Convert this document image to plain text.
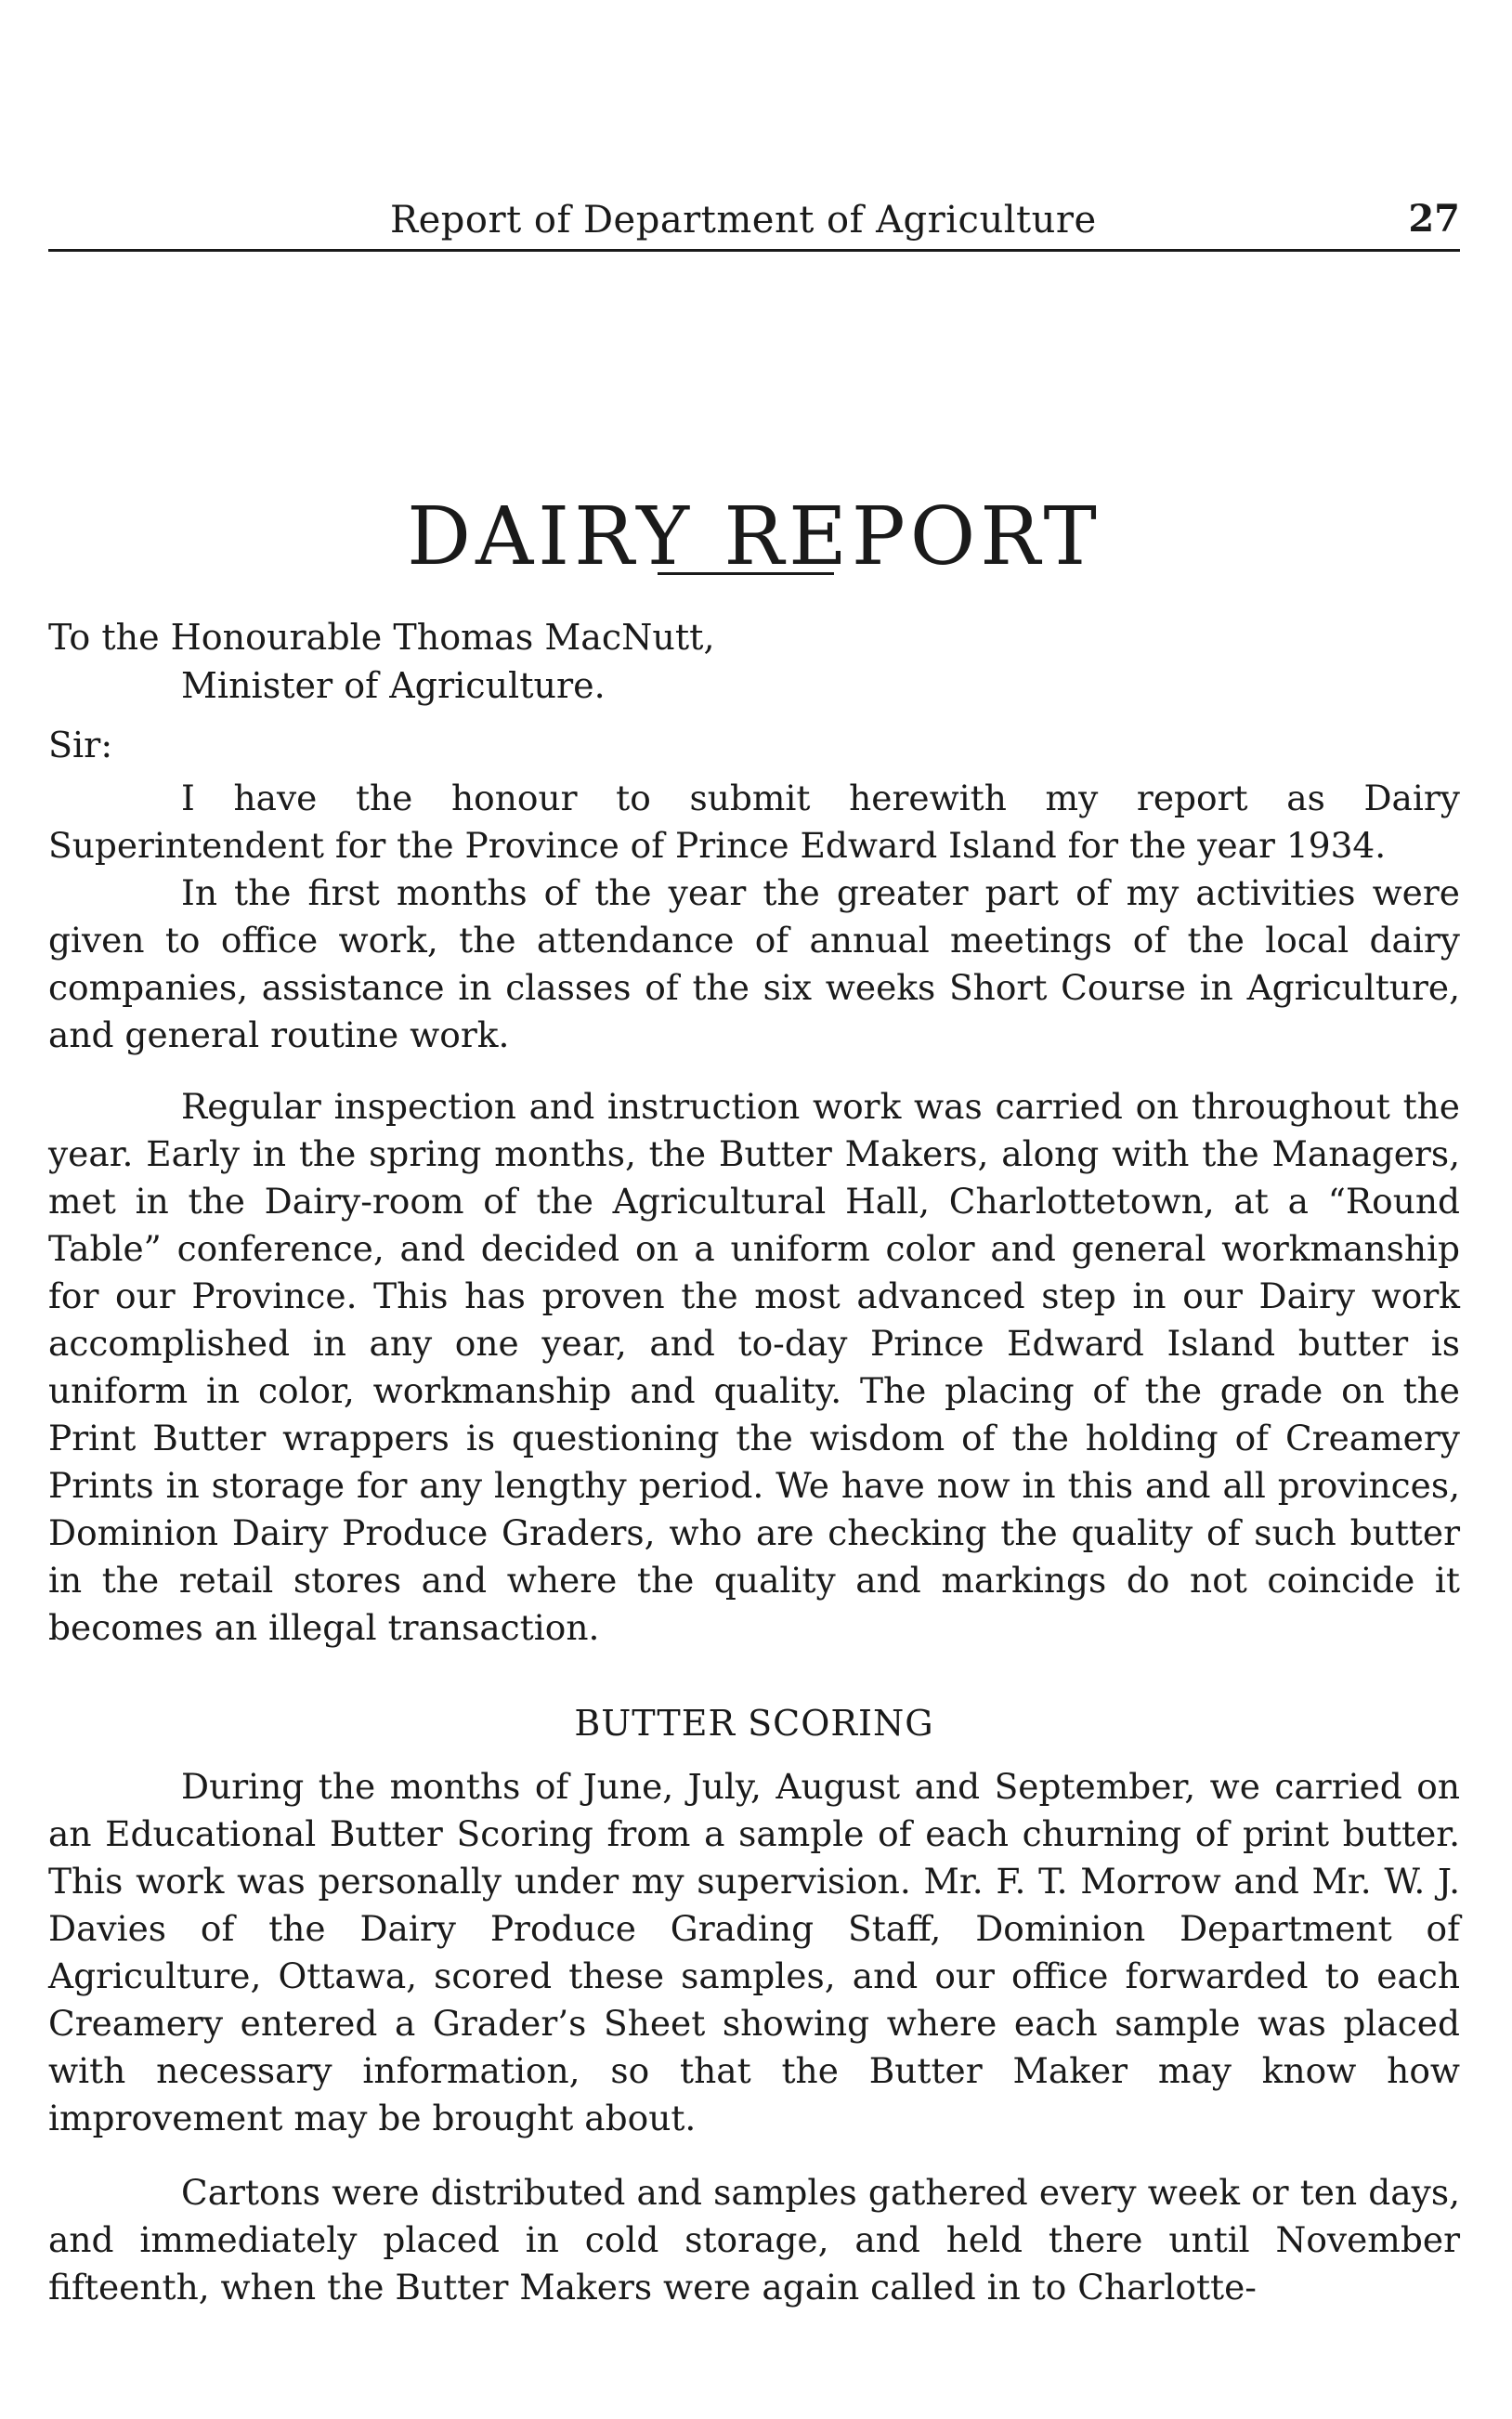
Report of Department of Agriculture	27
DAIRY REPORT
To the Honourable Thomas MacNutt,
Minister of Agriculture.
Sir:

I have the honour to submit herewith my report as Dairy Superintendent for the Province of Prince Edward Island for the year 1934.

In the first months of the year the greater part of my activities were given to office work, the attendance of annual meetings of the local dairy companies, assistance in classes of the six weeks Short Course in Agriculture, and general routine work.

Regular inspection and instruction work was carried on throughout the year. Early in the spring months, the Butter Makers, along with the Managers, met in the Dairy-room of the Agricultural Hall, Charlottetown, at a “Round Table” conference, and decided on a uniform color and general workmanship for our Province. This has proven the most advanced step in our Dairy work accomplished in any one year, and to-day Prince Edward Island butter is uniform in color, workmanship and quality. The placing of the grade on the Print Butter wrappers is questioning the wisdom of the holding of Creamery Prints in storage for any lengthy period. We have now in this and all provinces, Dominion Dairy Produce Graders, who are checking the quality of such butter in the retail stores and where the quality and markings do not coincide it becomes an illegal transaction.

BUTTER SCORING

During the months of June, July, August and September, we carried on an Educational Butter Scoring from a sample of each churning of print butter. This work was personally under my supervision. Mr. F. T. Morrow and Mr. W. J. Davies of the Dairy Produce Grading Staff, Dominion Department of Agriculture, Ottawa, scored these samples, and our office forwarded to each Creamery entered a Grader’s Sheet showing where each sample was placed with necessary information, so that the Butter Maker may know how improvement may be brought about.

Cartons were distributed and samples gathered every week or ten days, and immediately placed in cold storage, and held there until November fifteenth, when the Butter Makers were again called in to Charlotte-
